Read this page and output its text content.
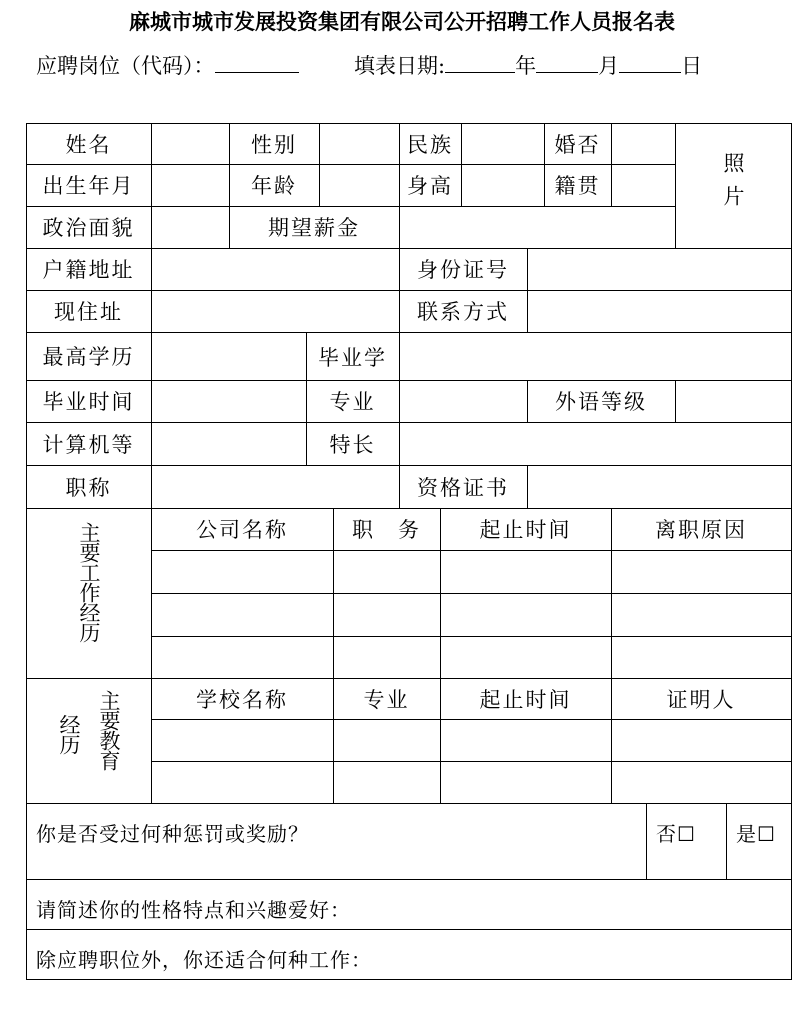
麻城市城市发展投资集团有限公司公开招聘工作人员报名表
应聘岗位（代码）：	填表日期:	年	月	日
姓名	性别	民族	婚否
照片
出生年月	年龄	身高	籍贯
政治面貌	期望薪金
户籍地址	身份证号
现住址	联系方式
最高学历	毕业学
毕业时间	专业	外语等级
计算机等	特长
职称	资格证书
主要工作经历	公司名称	职　务	起止时间	离职原因
主要教育
经历
学校名称	专业	起止时间	证明人
你是否受过何种惩罚或奖励？	否☐ 是☐
请简述你的性格特点和兴趣爱好：
除应聘职位外，你还适合何种工作：
